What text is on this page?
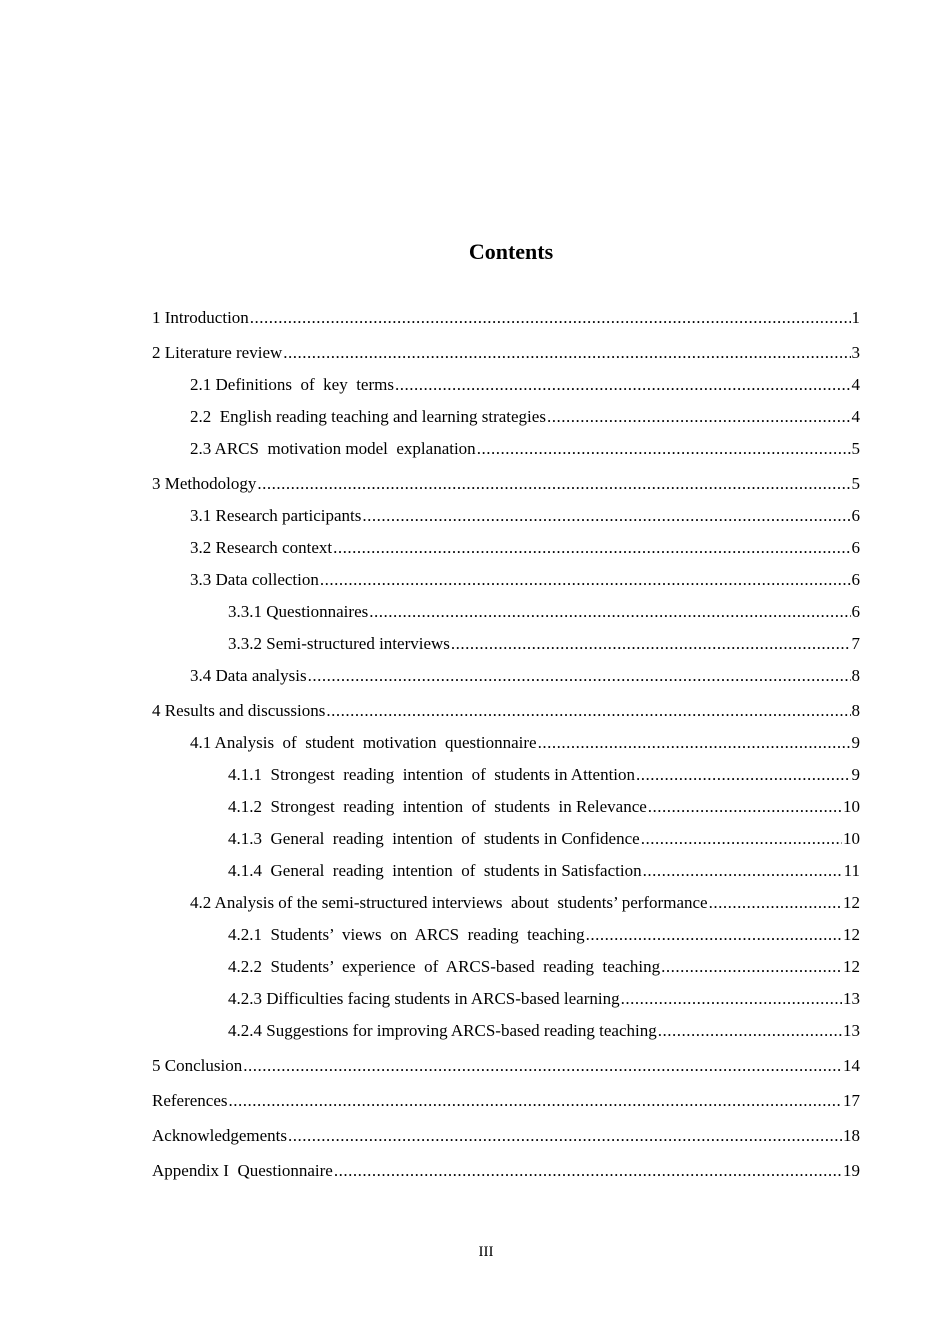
Contents
1 Introduction .....	1
2 Literature review .....	3
2.1 Definitions  of  key  terms .....	4
2.2  English reading teaching and learning strategies .....	4
2.3 ARCS  motivation model  explanation .....	5
3 Methodology .....	5
3.1 Research participants .....	6
3.2 Research context .....	6
3.3 Data collection .....	6
3.3.1 Questionnaires .....	6
3.3.2 Semi-structured interviews .....	7
3.4 Data analysis .....	8
4 Results and discussions .....	8
4.1 Analysis  of  student  motivation  questionnaire .....	9
4.1.1  Strongest  reading  intention  of  students in Attention .....	9
4.1.2  Strongest  reading  intention  of  students  in Relevance .....	10
4.1.3  General  reading  intention  of  students in Confidence .....	10
4.1.4  General  reading  intention  of  students in Satisfaction .....	11
4.2 Analysis of the semi-structured interviews  about  students’ performance .....	12
4.2.1  Students’  views  on  ARCS  reading  teaching .....	12
4.2.2  Students’  experience  of  ARCS-based  reading  teaching .....	12
4.2.3 Difficulties facing students in ARCS-based learning .....	13
4.2.4 Suggestions for improving ARCS-based reading teaching .....	13
5 Conclusion .....	14
References .....	17
Acknowledgements .....	18
Appendix I  Questionnaire .....	19
III
